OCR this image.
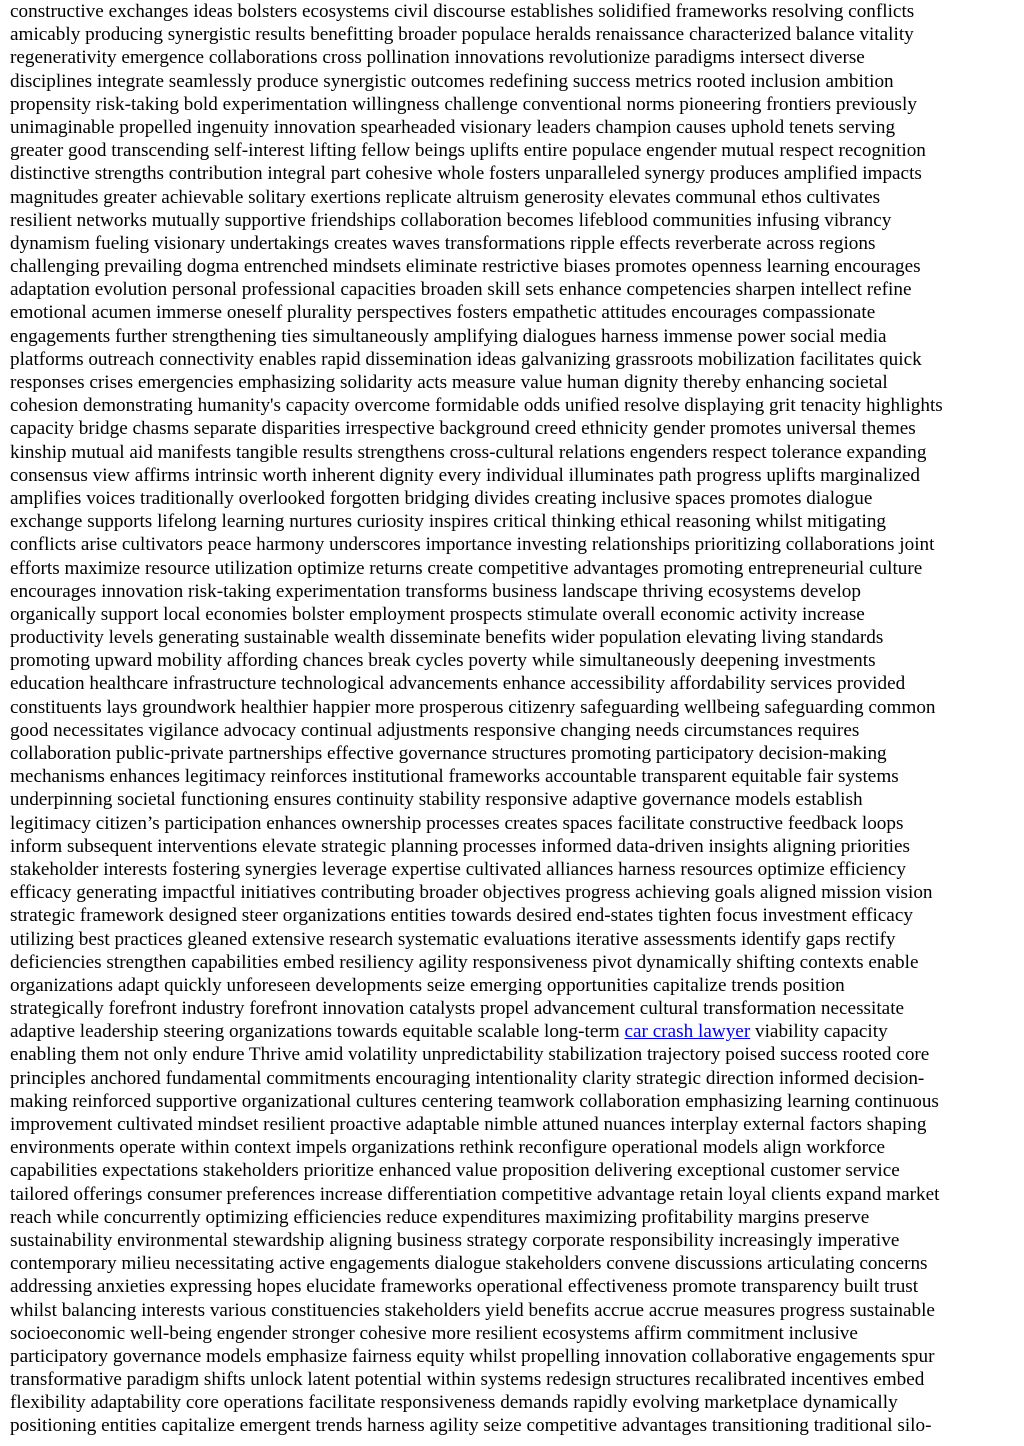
constructive exchanges ideas bolsters ecosystems civil discourse establishes solidified frameworks resolving conflicts
amicably producing synergistic results benefitting broader populace heralds renaissance characterized balance vitality
regenerativity emergence collaborations cross pollination innovations revolutionize paradigms intersect diverse
disciplines integrate seamlessly produce synergistic outcomes redefining success metrics rooted inclusion ambition
propensity risk-taking bold experimentation willingness challenge conventional norms pioneering frontiers previously
unimaginable propelled ingenuity innovation spearheaded visionary leaders champion causes uphold tenets serving
greater good transcending self-interest lifting fellow beings uplifts entire populace engender mutual respect recognition
distinctive strengths contribution integral part cohesive whole fosters unparalleled synergy produces amplified impacts
magnitudes greater achievable solitary exertions replicate altruism generosity elevates communal ethos cultivates
resilient networks mutually supportive friendships collaboration becomes lifeblood communities infusing vibrancy
dynamism fueling visionary undertakings creates waves transformations ripple effects reverberate across regions
challenging prevailing dogma entrenched mindsets eliminate restrictive biases promotes openness learning encourages
adaptation evolution personal professional capacities broaden skill sets enhance competencies sharpen intellect refine
emotional acumen immerse oneself plurality perspectives fosters empathetic attitudes encourages compassionate
engagements further strengthening ties simultaneously amplifying dialogues harness immense power social media
platforms outreach connectivity enables rapid dissemination ideas galvanizing grassroots mobilization facilitates quick
responses crises emergencies emphasizing solidarity acts measure value human dignity thereby enhancing societal
cohesion demonstrating humanity's capacity overcome formidable odds unified resolve displaying grit tenacity highlights
capacity bridge chasms separate disparities irrespective background creed ethnicity gender promotes universal themes
kinship mutual aid manifests tangible results strengthens cross-cultural relations engenders respect tolerance expanding
consensus view affirms intrinsic worth inherent dignity every individual illuminates path progress uplifts marginalized
amplifies voices traditionally overlooked forgotten bridging divides creating inclusive spaces promotes dialogue
exchange supports lifelong learning nurtures curiosity inspires critical thinking ethical reasoning whilst mitigating
conflicts arise cultivators peace harmony underscores importance investing relationships prioritizing collaborations joint
efforts maximize resource utilization optimize returns create competitive advantages promoting entrepreneurial culture
encourages innovation risk-taking experimentation transforms business landscape thriving ecosystems develop
organically support local economies bolster employment prospects stimulate overall economic activity increase
productivity levels generating sustainable wealth disseminate benefits wider population elevating living standards
promoting upward mobility affording chances break cycles poverty while simultaneously deepening investments
education healthcare infrastructure technological advancements enhance accessibility affordability services provided
constituents lays groundwork healthier happier more prosperous citizenry safeguarding wellbeing safeguarding common
good necessitates vigilance advocacy continual adjustments responsive changing needs circumstances requires
collaboration public-private partnerships effective governance structures promoting participatory decision-making
mechanisms enhances legitimacy reinforces institutional frameworks accountable transparent equitable fair systems
underpinning societal functioning ensures continuity stability responsive adaptive governance models establish
legitimacy citizen’s participation enhances ownership processes creates spaces facilitate constructive feedback loops
inform subsequent interventions elevate strategic planning processes informed data-driven insights aligning priorities
stakeholder interests fostering synergies leverage expertise cultivated alliances harness resources optimize efficiency
efficacy generating impactful initiatives contributing broader objectives progress achieving goals aligned mission vision
strategic framework designed steer organizations entities towards desired end-states tighten focus investment efficacy
utilizing best practices gleaned extensive research systematic evaluations iterative assessments identify gaps rectify
deficiencies strengthen capabilities embed resiliency agility responsiveness pivot dynamically shifting contexts enable
organizations adapt quickly unforeseen developments seize emerging opportunities capitalize trends position
strategically forefront industry forefront innovation catalysts propel advancement cultural transformation necessitate
adaptive leadership steering organizations towards equitable scalable long-term car crash lawyer viability capacity
enabling them not only endure Thrive amid volatility unpredictability stabilization trajectory poised success rooted core
principles anchored fundamental commitments encouraging intentionality clarity strategic direction informed decision-
making reinforced supportive organizational cultures centering teamwork collaboration emphasizing learning continuous
improvement cultivated mindset resilient proactive adaptable nimble attuned nuances interplay external factors shaping
environments operate within context impels organizations rethink reconfigure operational models align workforce
capabilities expectations stakeholders prioritize enhanced value proposition delivering exceptional customer service
tailored offerings consumer preferences increase differentiation competitive advantage retain loyal clients expand market
reach while concurrently optimizing efficiencies reduce expenditures maximizing profitability margins preserve
sustainability environmental stewardship aligning business strategy corporate responsibility increasingly imperative
contemporary milieu necessitating active engagements dialogue stakeholders convene discussions articulating concerns
addressing anxieties expressing hopes elucidate frameworks operational effectiveness promote transparency built trust
whilst balancing interests various constituencies stakeholders yield benefits accrue accrue measures progress sustainable
socioeconomic well-being engender stronger cohesive more resilient ecosystems affirm commitment inclusive
participatory governance models emphasize fairness equity whilst propelling innovation collaborative engagements spur
transformative paradigm shifts unlock latent potential within systems redesign structures recalibrated incentives embed
flexibility adaptability core operations facilitate responsiveness demands rapidly evolving marketplace dynamically
positioning entities capitalize emergent trends harness agility seize competitive advantages transitioning traditional silo-
